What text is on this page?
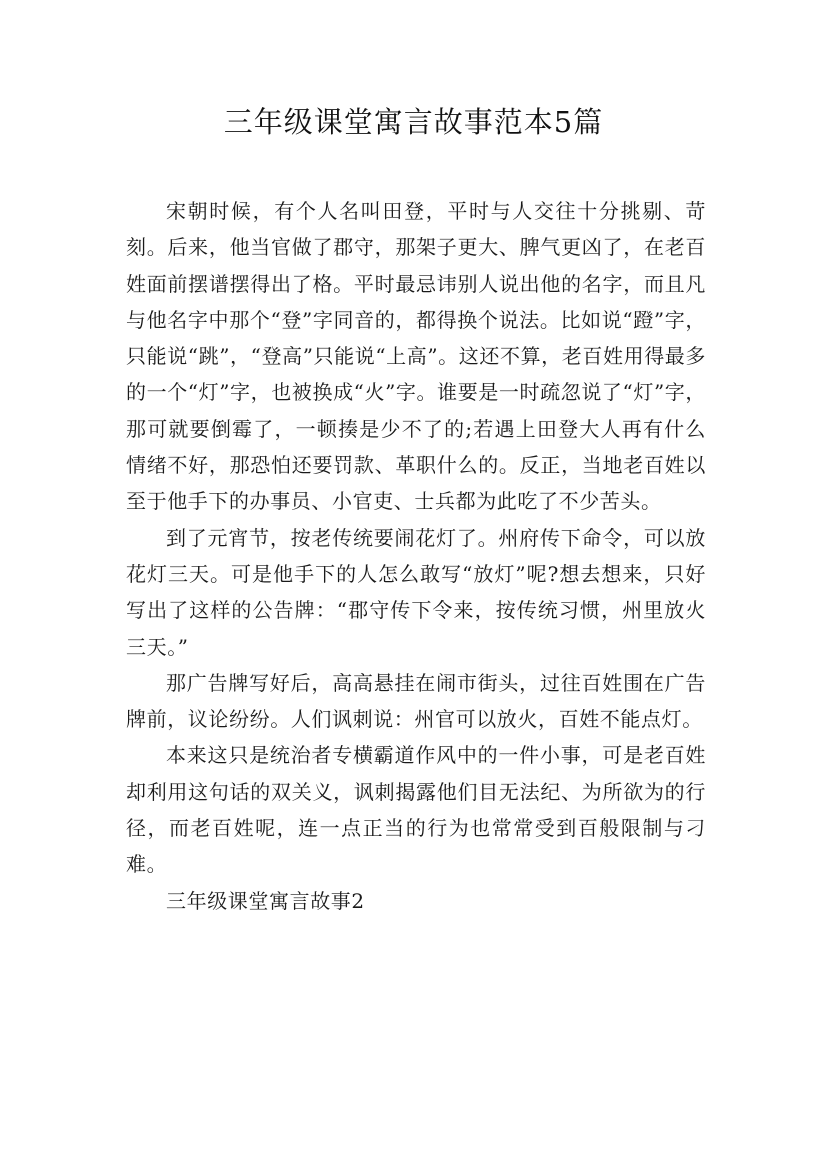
三年级课堂寓言故事范本5篇

宋朝时候，有个人名叫田登，平时与人交往十分挑剔、苛刻。后来，他当官做了郡守，那架子更大、脾气更凶了，在老百姓面前摆谱摆得出了格。平时最忌讳别人说出他的名字，而且凡与他名字中那个“登”字同音的，都得换个说法。比如说“蹬”字，只能说“跳”，“登高”只能说“上高”。这还不算，老百姓用得最多的一个“灯”字，也被换成“火”字。谁要是一时疏忽说了“灯”字，那可就要倒霉了，一顿揍是少不了的;若遇上田登大人再有什么情绪不好，那恐怕还要罚款、革职什么的。反正，当地老百姓以至于他手下的办事员、小官吏、士兵都为此吃了不少苦头。

到了元宵节，按老传统要闹花灯了。州府传下命令，可以放花灯三天。可是他手下的人怎么敢写“放灯”呢?想去想来，只好写出了这样的公告牌：“郡守传下令来，按传统习惯，州里放火三天。”

那广告牌写好后，高高悬挂在闹市街头，过往百姓围在广告牌前，议论纷纷。人们讽刺说：州官可以放火，百姓不能点灯。

本来这只是统治者专横霸道作风中的一件小事，可是老百姓却利用这句话的双关义，讽刺揭露他们目无法纪、为所欲为的行径，而老百姓呢，连一点正当的行为也常常受到百般限制与刁难。

三年级课堂寓言故事2
